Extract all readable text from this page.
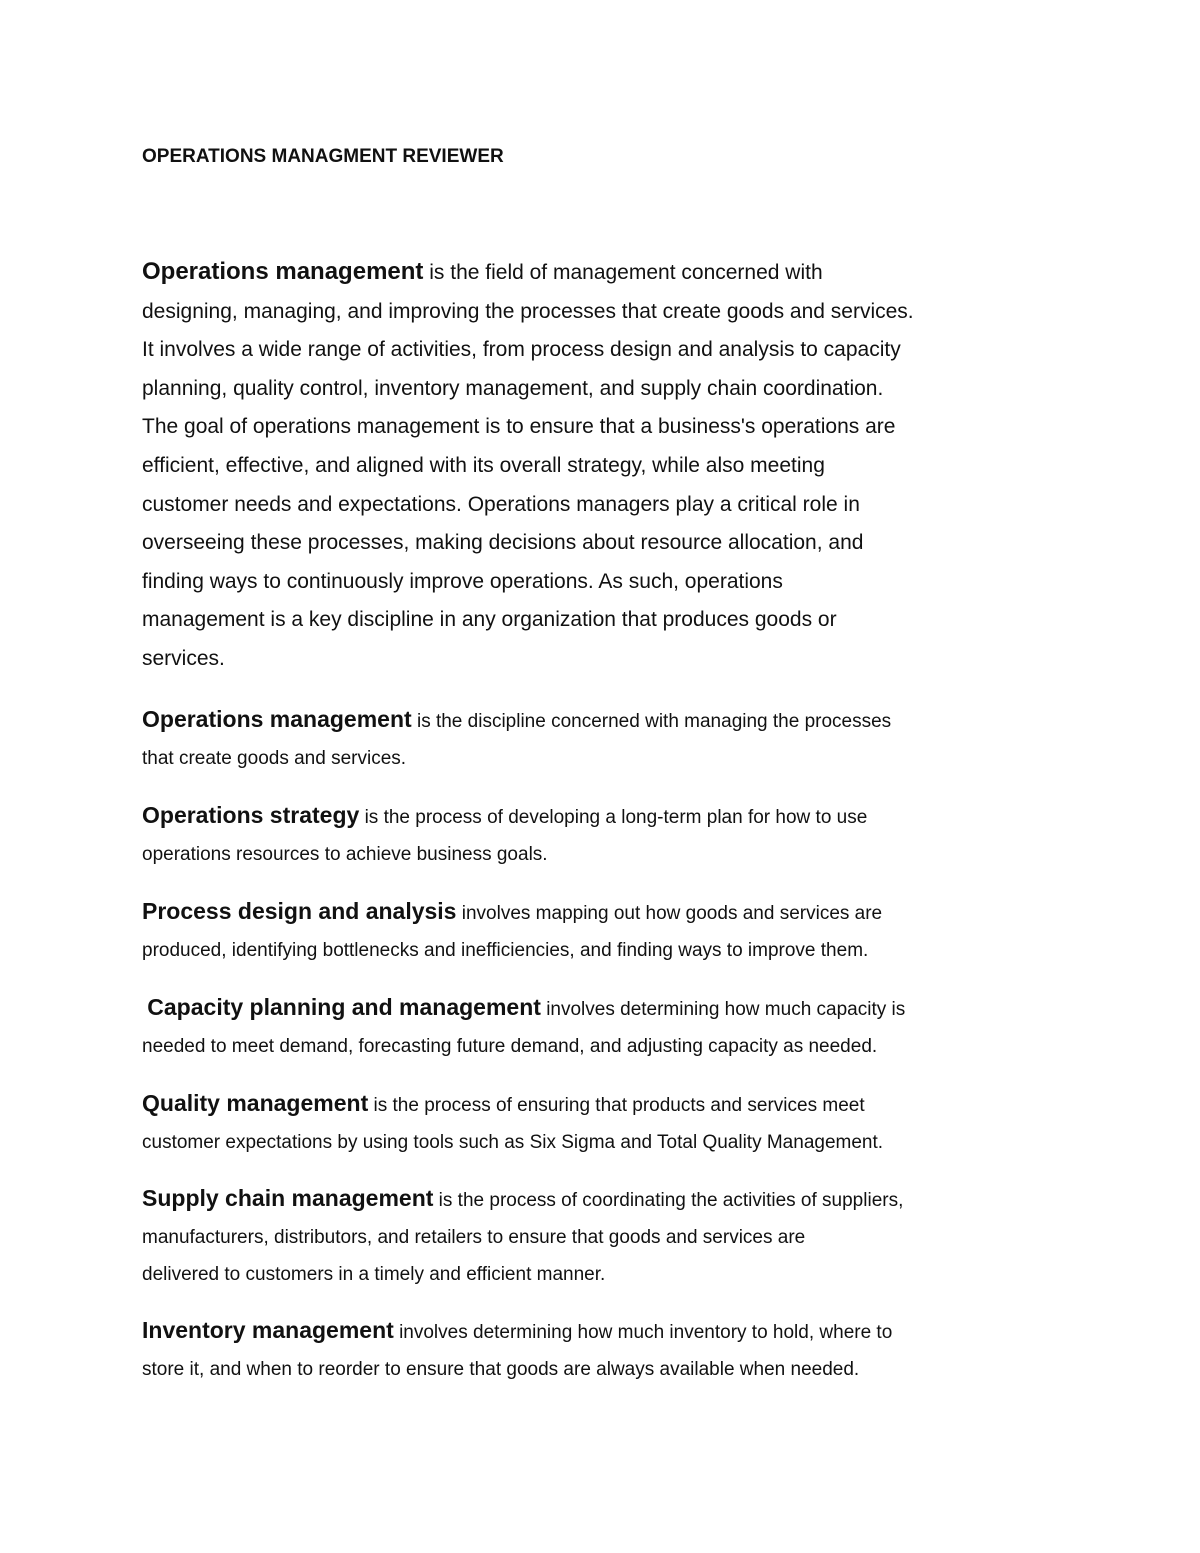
OPERATIONS MANAGMENT REVIEWER

Operations management is the field of management concerned with
designing, managing, and improving the processes that create goods and services.
It involves a wide range of activities, from process design and analysis to capacity
planning, quality control, inventory management, and supply chain coordination.
The goal of operations management is to ensure that a business's operations are
efficient, effective, and aligned with its overall strategy, while also meeting
customer needs and expectations. Operations managers play a critical role in
overseeing these processes, making decisions about resource allocation, and
finding ways to continuously improve operations. As such, operations
management is a key discipline in any organization that produces goods or
services.

Operations management is the discipline concerned with managing the processes
that create goods and services.

Operations strategy is the process of developing a long-term plan for how to use
operations resources to achieve business goals.

Process design and analysis involves mapping out how goods and services are
produced, identifying bottlenecks and inefficiencies, and finding ways to improve them.

Capacity planning and management involves determining how much capacity is
needed to meet demand, forecasting future demand, and adjusting capacity as needed.

Quality management is the process of ensuring that products and services meet
customer expectations by using tools such as Six Sigma and Total Quality Management.

Supply chain management is the process of coordinating the activities of suppliers,
manufacturers, distributors, and retailers to ensure that goods and services are
delivered to customers in a timely and efficient manner.

Inventory management involves determining how much inventory to hold, where to
store it, and when to reorder to ensure that goods are always available when needed.
